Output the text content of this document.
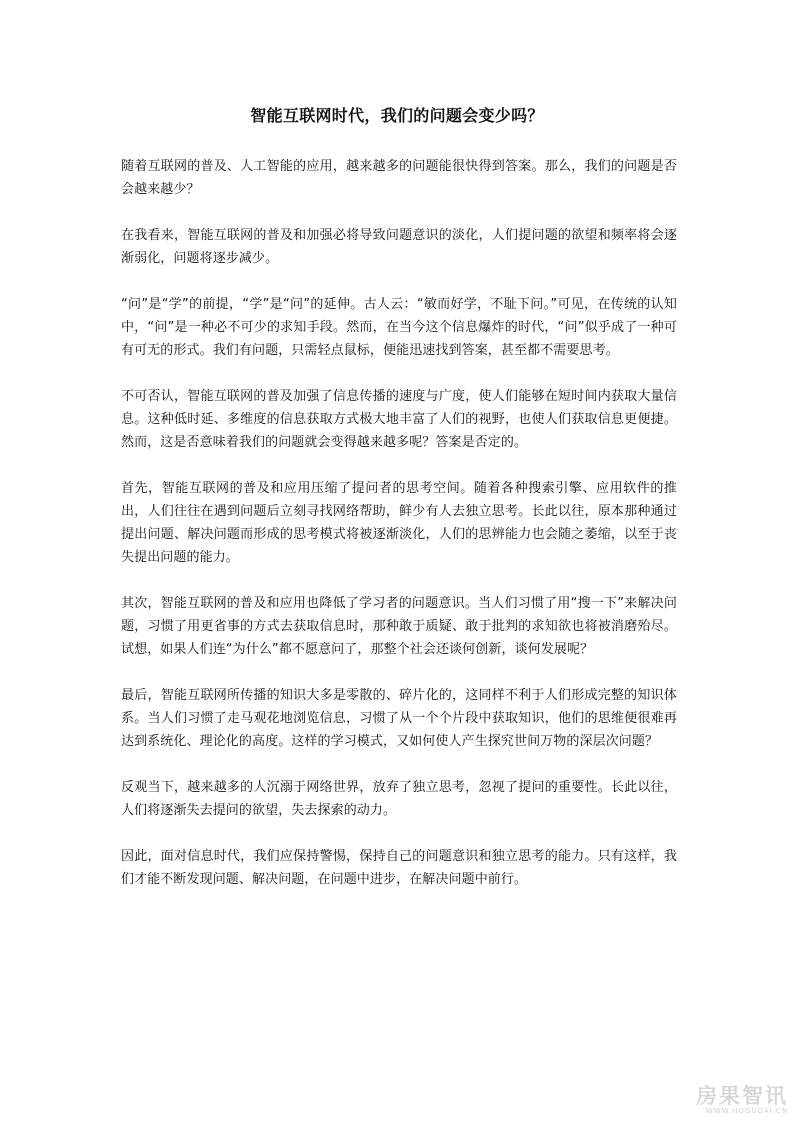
智能互联网时代，我们的问题会变少吗？

随着互联网的普及、人工智能的应用，越来越多的问题能很快得到答案。那么，我们的问题是否会越来越少？

在我看来，智能互联网的普及和加强必将导致问题意识的淡化，人们提问题的欲望和频率将会逐渐弱化，问题将逐步减少。

“问”是“学”的前提，“学”是“问”的延伸。古人云：“敏而好学，不耻下问。”可见，在传统的认知中，“问”是一种必不可少的求知手段。然而，在当今这个信息爆炸的时代，“问”似乎成了一种可有可无的形式。我们有问题，只需轻点鼠标，便能迅速找到答案，甚至都不需要思考。

不可否认，智能互联网的普及加强了信息传播的速度与广度，使人们能够在短时间内获取大量信息。这种低时延、多维度的信息获取方式极大地丰富了人们的视野，也使人们获取信息更便捷。然而，这是否意味着我们的问题就会变得越来越多呢？答案是否定的。

首先，智能互联网的普及和应用压缩了提问者的思考空间。随着各种搜索引擎、应用软件的推出，人们往往在遇到问题后立刻寻找网络帮助，鲜少有人去独立思考。长此以往，原本那种通过提出问题、解决问题而形成的思考模式将被逐渐淡化，人们的思辨能力也会随之萎缩，以至于丧失提出问题的能力。

其次，智能互联网的普及和应用也降低了学习者的问题意识。当人们习惯了用“搜一下”来解决问题，习惯了用更省事的方式去获取信息时，那种敢于质疑、敢于批判的求知欲也将被消磨殆尽。试想，如果人们连“为什么”都不愿意问了，那整个社会还谈何创新，谈何发展呢？

最后，智能互联网所传播的知识大多是零散的、碎片化的，这同样不利于人们形成完整的知识体系。当人们习惯了走马观花地浏览信息，习惯了从一个个片段中获取知识，他们的思维便很难再达到系统化、理论化的高度。这样的学习模式，又如何使人产生探究世间万物的深层次问题？

反观当下，越来越多的人沉溺于网络世界，放弃了独立思考，忽视了提问的重要性。长此以往，人们将逐渐失去提问的欲望，失去探索的动力。

因此，面对信息时代，我们应保持警惕，保持自己的问题意识和独立思考的能力。只有这样，我们才能不断发现问题、解决问题，在问题中进步，在解决问题中前行。

房果智讯
WWW.HOGUOAI.CN
